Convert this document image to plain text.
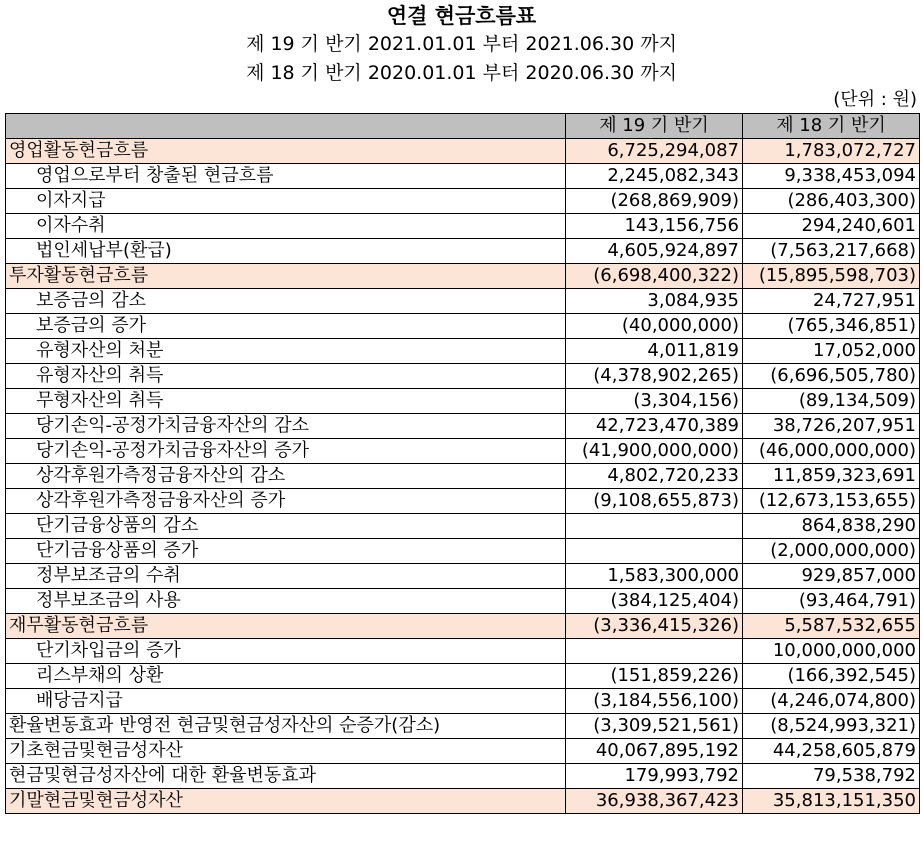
연결 현금흐름표
제 19 기 반기 2021.01.01 부터 2021.06.30 까지
제 18 기 반기 2020.01.01 부터 2020.06.30 까지
(단위 : 원)
	제 19 기 반기	제 18 기 반기
영업활동현금흐름	6,725,294,087	1,783,072,727
영업으로부터 창출된 현금흐름	2,245,082,343	9,338,453,094
이자지급	(268,869,909)	(286,403,300)
이자수취	143,156,756	294,240,601
법인세납부(환급)	4,605,924,897	(7,563,217,668)
투자활동현금흐름	(6,698,400,322)	(15,895,598,703)
보증금의 감소	3,084,935	24,727,951
보증금의 증가	(40,000,000)	(765,346,851)
유형자산의 처분	4,011,819	17,052,000
유형자산의 취득	(4,378,902,265)	(6,696,505,780)
무형자산의 취득	(3,304,156)	(89,134,509)
당기손익-공정가치금융자산의 감소	42,723,470,389	38,726,207,951
당기손익-공정가치금융자산의 증가	(41,900,000,000)	(46,000,000,000)
상각후원가측정금융자산의 감소	4,802,720,233	11,859,323,691
상각후원가측정금융자산의 증가	(9,108,655,873)	(12,673,153,655)
단기금융상품의 감소		864,838,290
단기금융상품의 증가		(2,000,000,000)
정부보조금의 수취	1,583,300,000	929,857,000
정부보조금의 사용	(384,125,404)	(93,464,791)
재무활동현금흐름	(3,336,415,326)	5,587,532,655
단기차입금의 증가		10,000,000,000
리스부채의 상환	(151,859,226)	(166,392,545)
배당금지급	(3,184,556,100)	(4,246,074,800)
환율변동효과 반영전 현금및현금성자산의 순증가(감소)	(3,309,521,561)	(8,524,993,321)
기초현금및현금성자산	40,067,895,192	44,258,605,879
현금및현금성자산에 대한 환율변동효과	179,993,792	79,538,792
기말현금및현금성자산	36,938,367,423	35,813,151,350
